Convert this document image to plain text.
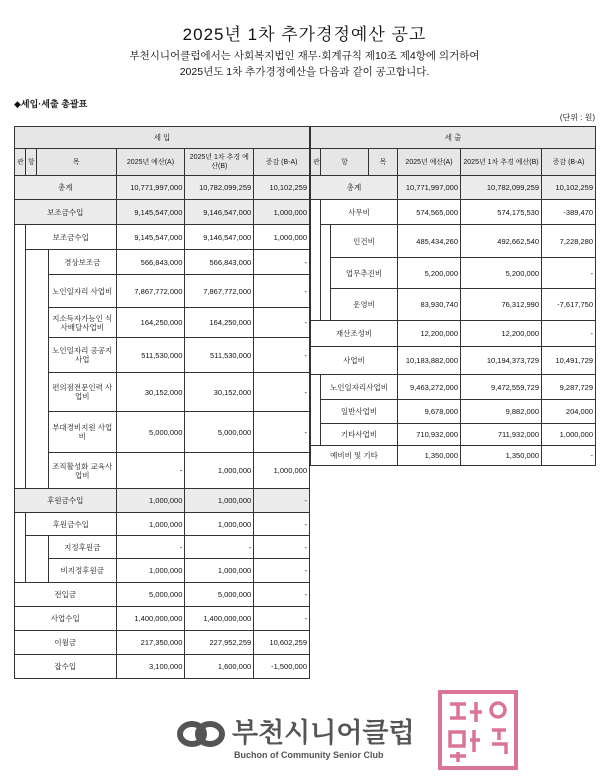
2025년 1차 추가경정예산 공고
부천시니어클럽에서는 사회복지법인 재무·회계규칙 제10조 제4항에 의거하여
2025년도 1차 추가경정예산을 다음과 같이 공고합니다.
◆세입·세출 총괄표
(단위 : 원)
세 입						
관	항	목		2025년 예산(A)	2025년 1차 추경 예산(B)	증감 (B-A)
총계				10,771,997,000	10,782,099,259	10,102,259
보조금수입				9,145,547,000	9,146,547,000	1,000,000
	보조금수입			9,145,547,000	9,146,547,000	1,000,000
			경상보조금	566,843,000	566,843,000	-
			노인일자리 사업비	7,867,772,000	7,867,772,000	-
			지소득자가능인 식사배달사업비	164,250,000	164,250,000	-
			노인일자리 공공지사업	511,530,000	511,530,000	-
			편의점전문인력 사업비	30,152,000	30,152,000	-
			부대경비지원 사업비	5,000,000	5,000,000	-
			조직활성화 교육사업비	-	1,000,000	1,000,000
후원금수입				1,000,000	1,000,000	-
	후원금수입			1,000,000	1,000,000	-
			지정후원금	-	-	-
			비지정후원금	1,000,000	1,000,000	-
전입금				5,000,000	5,000,000	-
사업수입				1,400,000,000	1,400,000,000	-
이월금				217,350,000	227,952,259	10,602,259
잡수입				3,100,000	1,600,000	-1,500,000
세 출						
관	항		목	2025년 예산(A)	2025년 1차 추경 예산(B)	증감 (B-A)
총계				10,771,997,000	10,782,099,259	10,102,259
	사무비			574,565,000	574,175,530	-389,470
		인건비		485,434,260	492,662,540	7,228,280
		업무추진비		5,200,000	5,200,000	-
		운영비		83,930,740	76,312,990	-7,617,750
재산조성비				12,200,000	12,200,000	-
사업비				10,183,882,000	10,194,373,729	10,491,729
	노인일자리사업비			9,463,272,000	9,472,559,729	9,287,729
	일반사업비			9,678,000	9,882,000	204,000
	기타사업비			710,932,000	711,932,000	1,000,000
예비비 및 기타				1,350,000	1,350,000	-
부천시니어클럽
Buchon of Community Senior Club
